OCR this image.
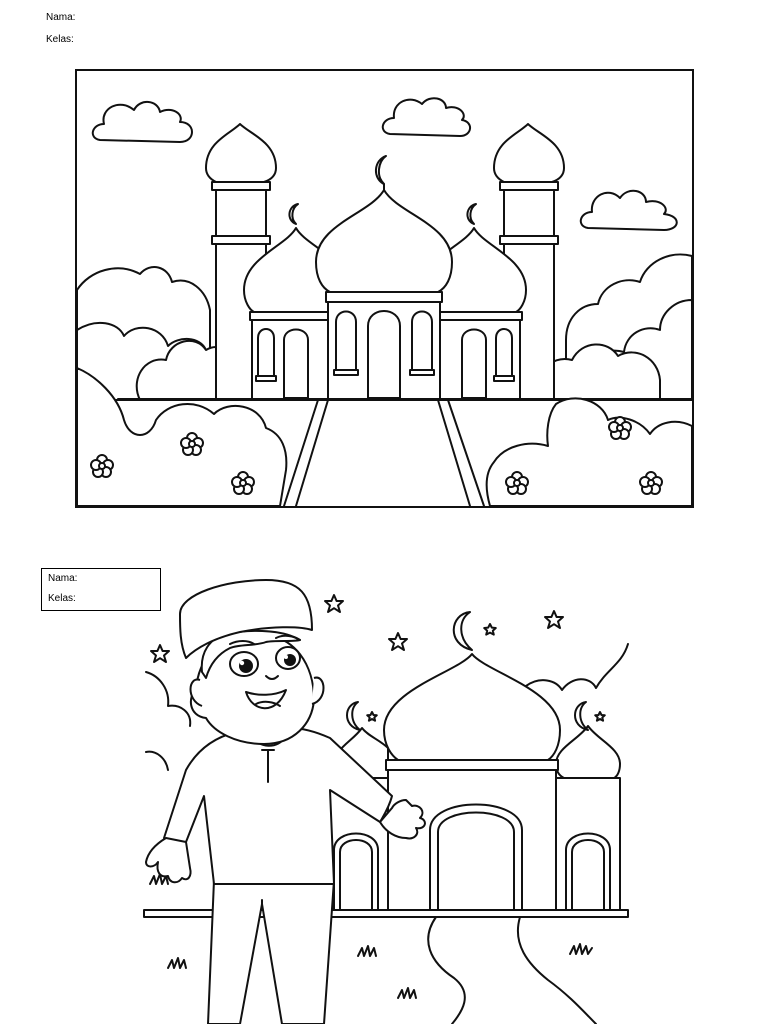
Nama:
Kelas:
Nama:
Kelas:
